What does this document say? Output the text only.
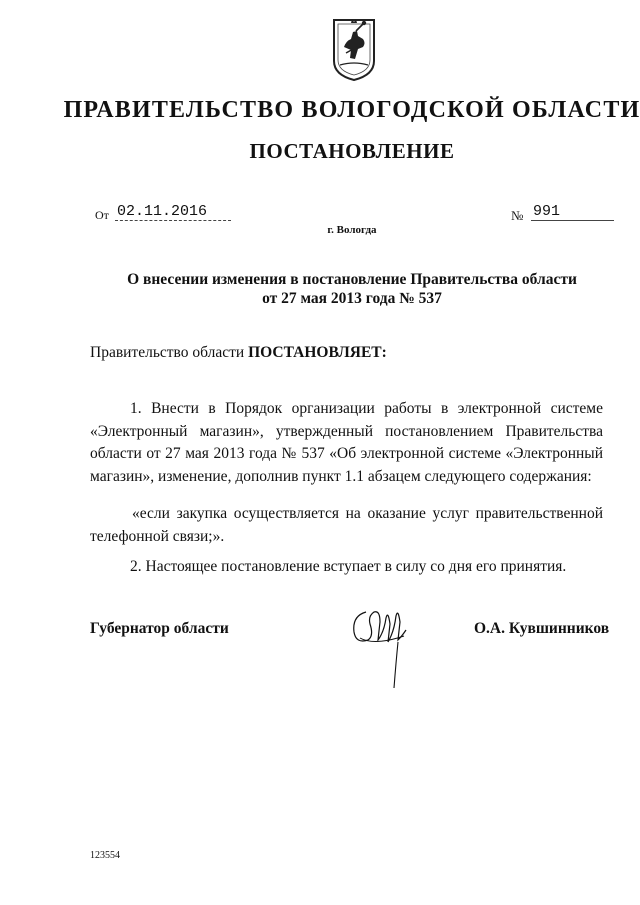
ПРАВИТЕЛЬСТВО ВОЛОГОДСКОЙ ОБЛАСТИ
ПОСТАНОВЛЕНИЕ
От 02.11.2016	№ 991
г. Вологда
О внесении изменения в постановление Правительства области
от 27 мая 2013 года № 537
Правительство области ПОСТАНОВЛЯЕТ:
1. Внести в Порядок организации работы в электронной системе «Электронный магазин», утвержденный постановлением Правительства области от 27 мая 2013 года № 537 «Об электронной системе «Электронный магазин», изменение, дополнив пункт 1.1 абзацем следующего содержания:
«если закупка осуществляется на оказание услуг правительственной телефонной связи;».
2. Настоящее постановление вступает в силу со дня его принятия.
Губернатор области	О.А. Кувшинников
123554
